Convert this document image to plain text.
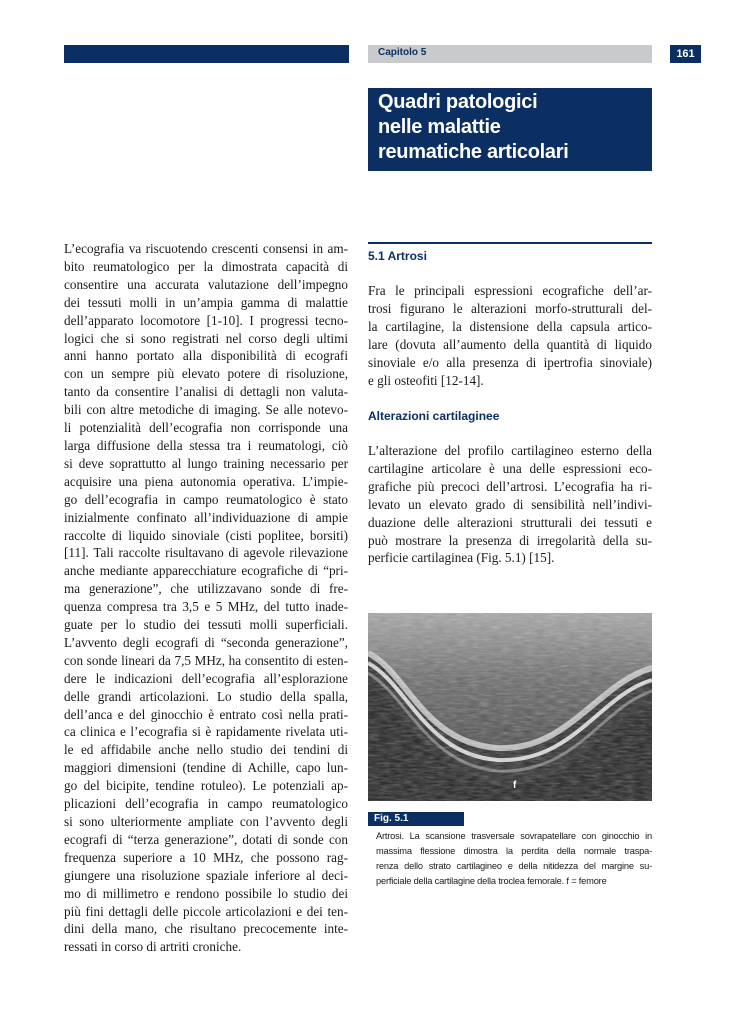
Capitolo 5	161
Quadri patologici
nelle malattie
reumatiche articolari
L’ecografia va riscuotendo crescenti consensi in am-
bito reumatologico per la dimostrata capacità di
consentire una accurata valutazione dell’impegno
dei tessuti molli in un’ampia gamma di malattie
dell’apparato locomotore [1-10]. I progressi tecno-
logici che si sono registrati nel corso degli ultimi
anni hanno portato alla disponibilità di ecografi
con un sempre più elevato potere di risoluzione,
tanto da consentire l’analisi di dettagli non valuta-
bili con altre metodiche di imaging. Se alle notevo-
li potenzialità dell’ecografia non corrisponde una
larga diffusione della stessa tra i reumatologi, ciò
si deve soprattutto al lungo training necessario per
acquisire una piena autonomia operativa. L’impie-
go dell’ecografia in campo reumatologico è stato
inizialmente confinato all’individuazione di ampie
raccolte di liquido sinoviale (cisti poplitee, borsiti)
[11]. Tali raccolte risultavano di agevole rilevazione
anche mediante apparecchiature ecografiche di “pri-
ma generazione”, che utilizzavano sonde di fre-
quenza compresa tra 3,5 e 5 MHz, del tutto inade-
guate per lo studio dei tessuti molli superficiali.
L’avvento degli ecografi di “seconda generazione”,
con sonde lineari da 7,5 MHz, ha consentito di esten-
dere le indicazioni dell’ecografia all’esplorazione
delle grandi articolazioni. Lo studio della spalla,
dell’anca e del ginocchio è entrato così nella prati-
ca clinica e l’ecografia si è rapidamente rivelata uti-
le ed affidabile anche nello studio dei tendini di
maggiori dimensioni (tendine di Achille, capo lun-
go del bicipite, tendine rotuleo). Le potenziali ap-
plicazioni dell’ecografia in campo reumatologico
si sono ulteriormente ampliate con l’avvento degli
ecografi di “terza generazione”, dotati di sonde con
frequenza superiore a 10 MHz, che possono rag-
giungere una risoluzione spaziale inferiore al deci-
mo di millimetro e rendono possibile lo studio dei
più fini dettagli delle piccole articolazioni e dei ten-
dini della mano, che risultano precocemente inte-
ressati in corso di artriti croniche.
5.1 Artrosi
Fra le principali espressioni ecografiche dell’ar-
trosi figurano le alterazioni morfo-strutturali del-
la cartilagine, la distensione della capsula artico-
lare (dovuta all’aumento della quantità di liquido
sinoviale e/o alla presenza di ipertrofia sinoviale)
e gli osteofiti [12-14].
Alterazioni cartilaginee
L’alterazione del profilo cartilagineo esterno della
cartilagine articolare è una delle espressioni eco-
grafiche più precoci dell’artrosi. L’ecografia ha ri-
levato un elevato grado di sensibilità nell’indivi-
duazione delle alterazioni strutturali dei tessuti e
può mostrare la presenza di irregolarità della su-
perficie cartilaginea (Fig. 5.1) [15].
f
Fig. 5.1
Artrosi. La scansione trasversale sovrapatellare con ginocchio in
massima flessione dimostra la perdita della normale traspa-
renza dello strato cartilagineo e della nitidezza del margine su-
perficiale della cartilagine della troclea femorale. f = femore
